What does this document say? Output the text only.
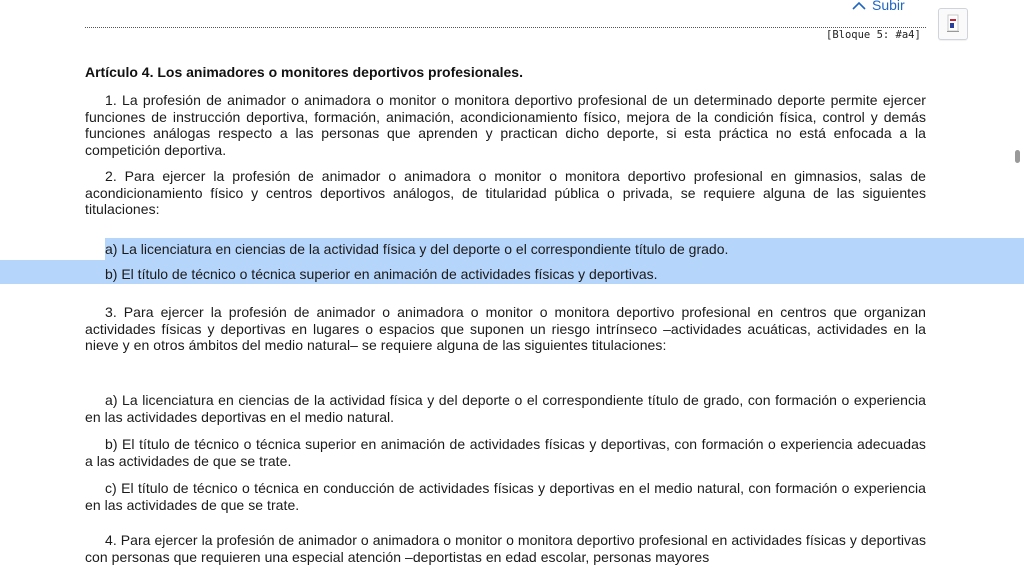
Subir
[Bloque 5: #a4]
Artículo 4. Los animadores o monitores deportivos profesionales.

1. La profesión de animador o animadora o monitor o monitora deportivo profesional de un determinado deporte permite ejercer funciones de instrucción deportiva, formación, animación, acondicionamiento físico, mejora de la condición física, control y demás funciones análogas respecto a las personas que aprenden y practican dicho deporte, si esta práctica no está enfocada a la competición deportiva.

2. Para ejercer la profesión de animador o animadora o monitor o monitora deportivo profesional en gimnasios, salas de acondicionamiento físico y centros deportivos análogos, de titularidad pública o privada, se requiere alguna de las siguientes titulaciones:

3. Para ejercer la profesión de animador o animadora o monitor o monitora deportivo profesional en centros que organizan actividades físicas y deportivas en lugares o espacios que suponen un riesgo intrínseco –actividades acuáticas, actividades en la nieve y en otros ámbitos del medio natural– se requiere alguna de las siguientes titulaciones:

a) La licenciatura en ciencias de la actividad física y del deporte o el correspondiente título de grado, con formación o experiencia en las actividades deportivas en el medio natural.

b) El título de técnico o técnica superior en animación de actividades físicas y deportivas, con formación o experiencia adecuadas a las actividades de que se trate.

c) El título de técnico o técnica en conducción de actividades físicas y deportivas en el medio natural, con formación o experiencia en las actividades de que se trate.

4. Para ejercer la profesión de animador o animadora o monitor o monitora deportivo profesional en actividades físicas y deportivas con personas que requieren una especial atención –deportistas en edad escolar, personas mayores

a) La licenciatura en ciencias de la actividad física y del deporte o el correspondiente título de grado.
b) El título de técnico o técnica superior en animación de actividades físicas y deportivas.
